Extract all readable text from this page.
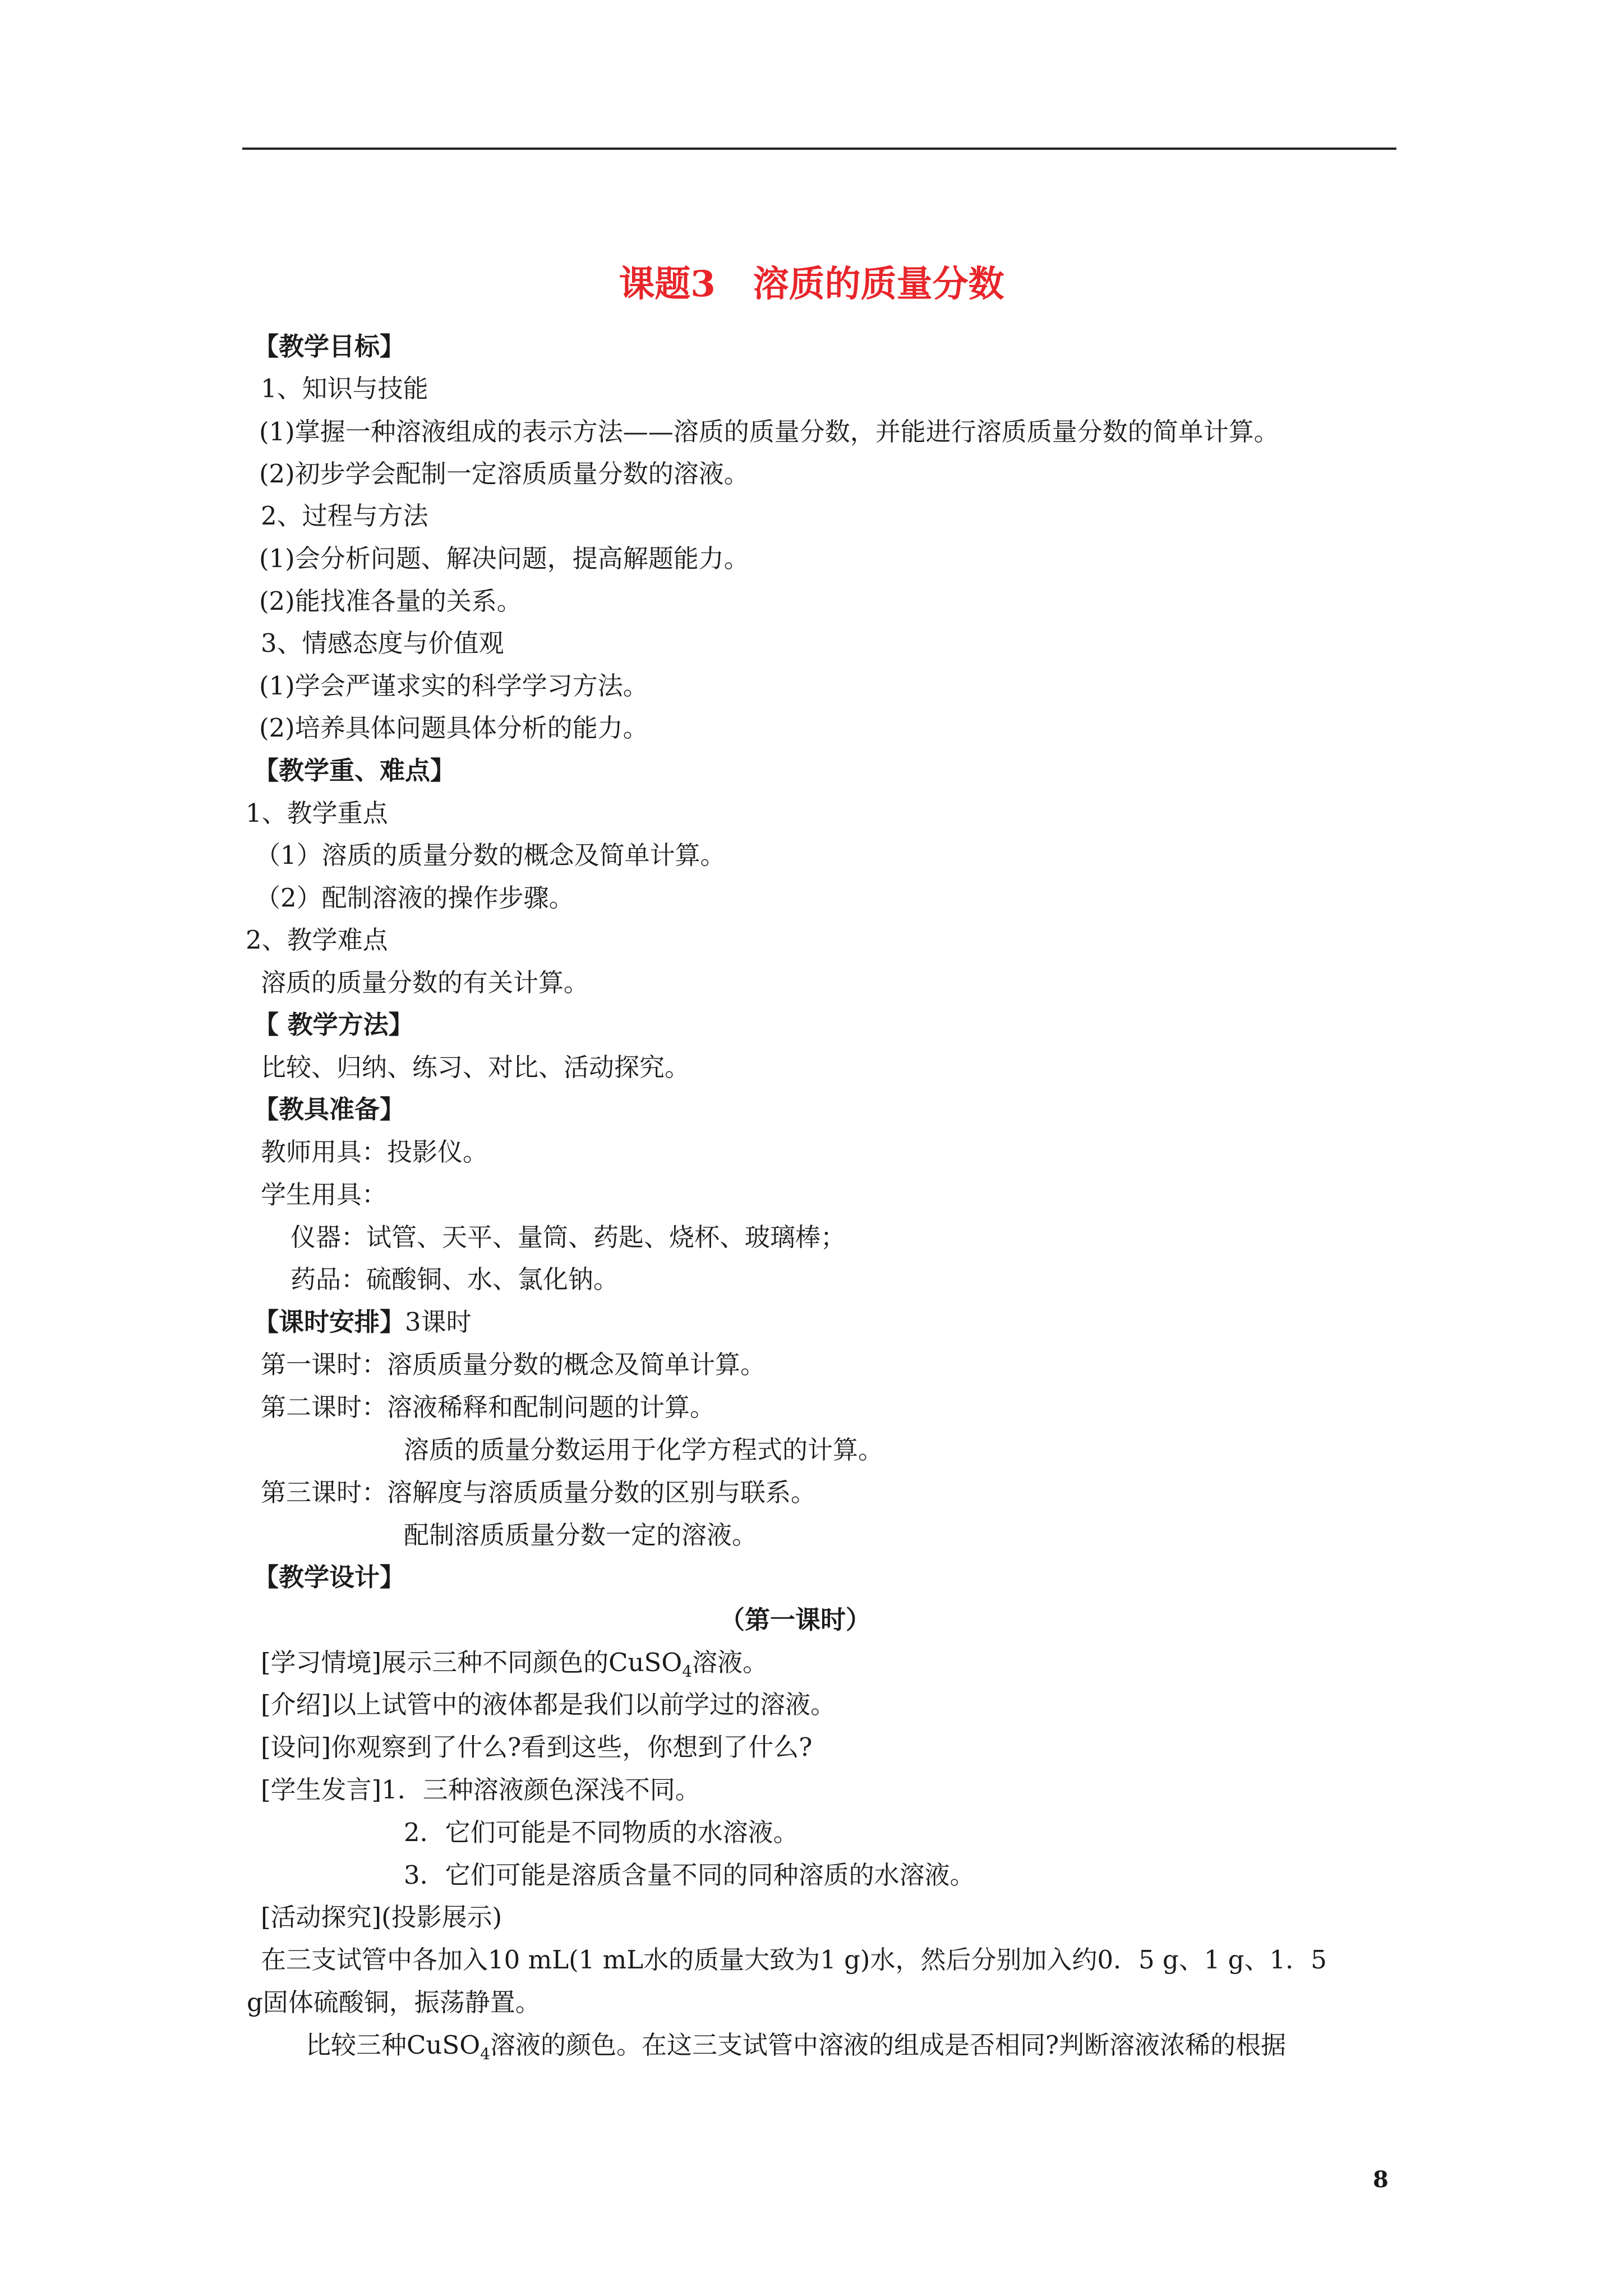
课题3   溶质的质量分数
【教学目标】
1、知识与技能
(1)掌握一种溶液组成的表示方法——溶质的质量分数，并能进行溶质质量分数的简单计算。
(2)初步学会配制一定溶质质量分数的溶液。
2、过程与方法
(1)会分析问题、解决问题，提高解题能力。
(2)能找准各量的关系。
3、情感态度与价值观
(1)学会严谨求实的科学学习方法。
(2)培养具体问题具体分析的能力。
【教学重、难点】
1、教学重点
（1）溶质的质量分数的概念及简单计算。
（2）配制溶液的操作步骤。
2、教学难点
溶质的质量分数的有关计算。
【 教学方法】
比较、归纳、练习、对比、活动探究。
【教具准备】
教师用具：投影仪。
学生用具：
仪器：试管、天平、量筒、药匙、烧杯、玻璃棒；
药品：硫酸铜、水、氯化钠。
【课时安排】3课时
第一课时：溶质质量分数的概念及简单计算。
第二课时：溶液稀释和配制问题的计算。
溶质的质量分数运用于化学方程式的计算。
第三课时：溶解度与溶质质量分数的区别与联系。
配制溶质质量分数一定的溶液。
【教学设计】
（第一课时）
[学习情境]展示三种不同颜色的CuSO$_4$溶液。
[介绍]以上试管中的液体都是我们以前学过的溶液。
[设问]你观察到了什么?看到这些，你想到了什么?
[学生发言]1．三种溶液颜色深浅不同。
2．它们可能是不同物质的水溶液。
3．它们可能是溶质含量不同的同种溶质的水溶液。
[活动探究](投影展示)
在三支试管中各加入10 mL(1 mL水的质量大致为1 g)水，然后分别加入约0．5 g、1 g、1．5
g固体硫酸铜，振荡静置。
比较三种CuSO$_4$溶液的颜色。在这三支试管中溶液的组成是否相同?判断溶液浓稀的根据
8
